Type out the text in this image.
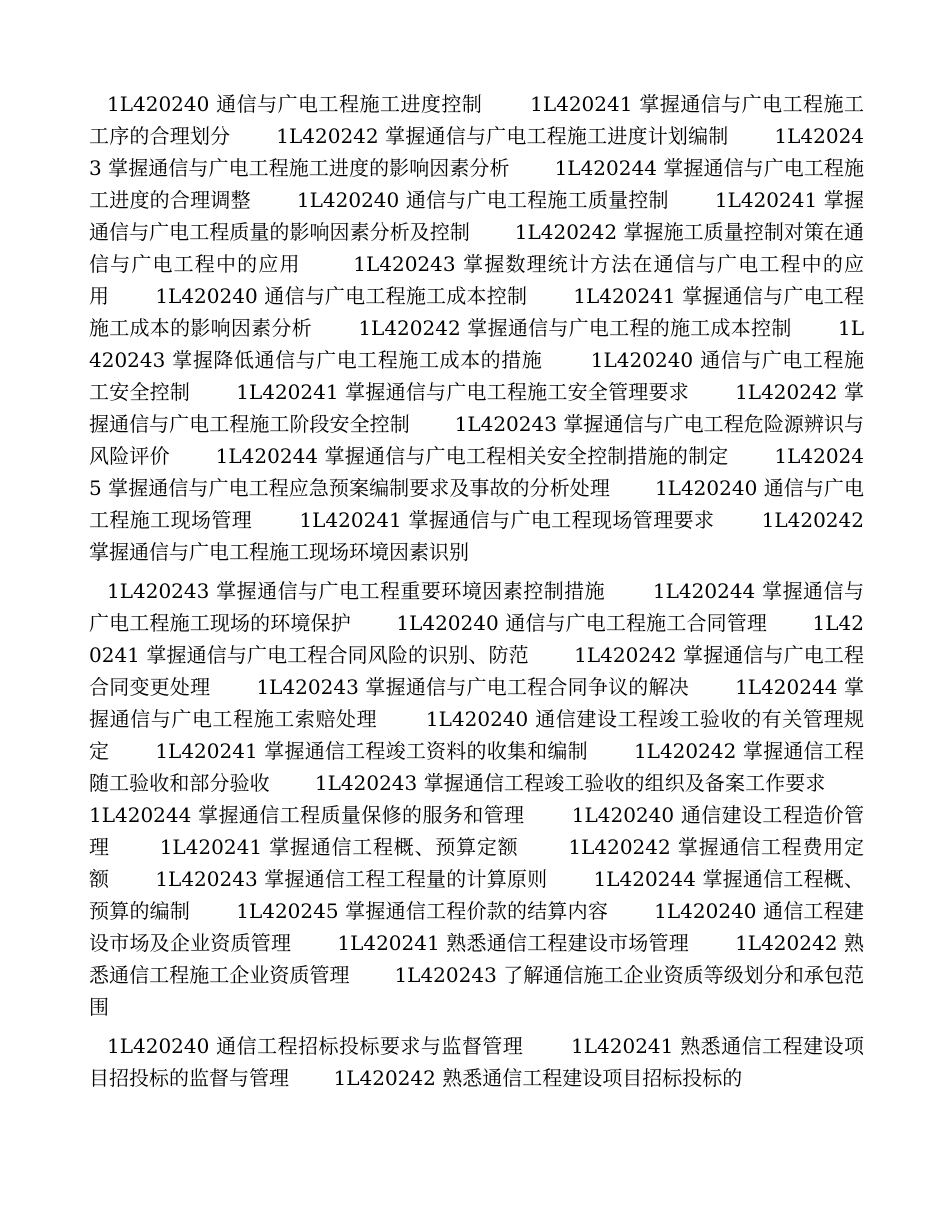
1L420240 通信与广电工程施工进度控制 1L420241 掌握通信与广电工程施工工序的合理划分 1L420242 掌握通信与广电工程施工进度计划编制 1L420243 掌握通信与广电工程施工进度的影响因素分析 1L420244 掌握通信与广电工程施工进度的合理调整 1L420240 通信与广电工程施工质量控制 1L420241 掌握通信与广电工程质量的影响因素分析及控制 1L420242 掌握施工质量控制对策在通信与广电工程中的应用	1L420243 掌握数理统计方法在通信与广电工程中的应用 1L420240 通信与广电工程施工成本控制 1L420241 掌握通信与广电工程施工成本的影响因素分析 1L420242 掌握通信与广电工程的施工成本控制 1L420243 掌握降低通信与广电工程施工成本的措施 1L420240 通信与广电工程施工安全控制 1L420241 掌握通信与广电工程施工安全管理要求 1L420242 掌握通信与广电工程施工阶段安全控制 1L420243 掌握通信与广电工程危险源辨识与风险评价 1L420244 掌握通信与广电工程相关安全控制措施的制定 1L420245 掌握通信与广电工程应急预案编制要求及事故的分析处理 1L420240 通信与广电工程施工现场管理 1L420241 掌握通信与广电工程现场管理要求 1L420242 掌握通信与广电工程施工现场环境因素识别

1L420243 掌握通信与广电工程重要环境因素控制措施 1L420244 掌握通信与广电工程施工现场的环境保护 1L420240 通信与广电工程施工合同管理 1L420241 掌握通信与广电工程合同风险的识别、防范 1L420242 掌握通信与广电工程合同变更处理 1L420243 掌握通信与广电工程合同争议的解决 1L420244 掌握通信与广电工程施工索赔处理 1L420240 通信建设工程竣工验收的有关管理规定 1L420241 掌握通信工程竣工资料的收集和编制 1L420242 掌握通信工程随工验收和部分验收 1L420243 掌握通信工程竣工验收的组织及备案工作要求 1L420244 掌握通信工程质量保修的服务和管理 1L420240 通信建设工程造价管理 1L420241 掌握通信工程概、预算定额 1L420242 掌握通信工程费用定额 1L420243 掌握通信工程工程量的计算原则 1L420244 掌握通信工程概、预算的编制 1L420245 掌握通信工程价款的结算内容 1L420240 通信工程建设市场及企业资质管理 1L420241 熟悉通信工程建设市场管理 1L420242 熟悉通信工程施工企业资质管理 1L420243 了解通信施工企业资质等级划分和承包范围

1L420240 通信工程招标投标要求与监督管理 1L420241 熟悉通信工程建设项目招投标的监督与管理 1L420242 熟悉通信工程建设项目招标投标的
